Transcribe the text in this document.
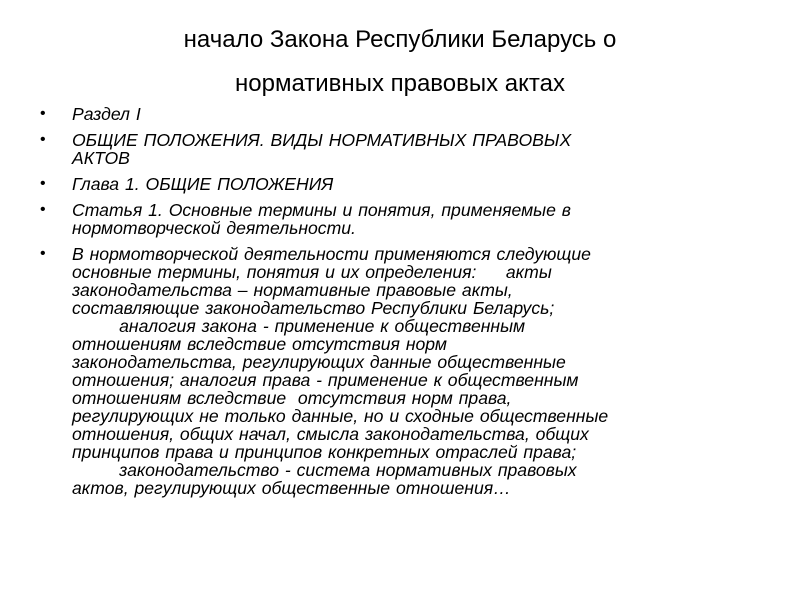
начало Закона Республики Беларусь о
нормативных правовых актах
• Раздел I
• ОБЩИЕ ПОЛОЖЕНИЯ. ВИДЫ НОРМАТИВНЫХ ПРАВОВЫХ
АКТОВ
• Глава 1. ОБЩИЕ ПОЛОЖЕНИЯ
• Статья 1. Основные термины и понятия, применяемые в
нормотворческой деятельности.
• В нормотворческой деятельности применяются следующие
основные термины, понятия и их определения:     акты
законодательства – нормативные правовые акты,
составляющие законодательство Республики Беларусь;
аналогия закона - применение к общественным
отношениям вследствие отсутствия норм
законодательства, регулирующих данные общественные
отношения; аналогия права - применение к общественным
отношениям вследствие  отсутствия норм права,
регулирующих не только данные, но и сходные общественные
отношения, общих начал, смысла законодательства, общих
принципов права и принципов конкретных отраслей права;
законодательство - система нормативных правовых
актов, регулирующих общественные отношения…
